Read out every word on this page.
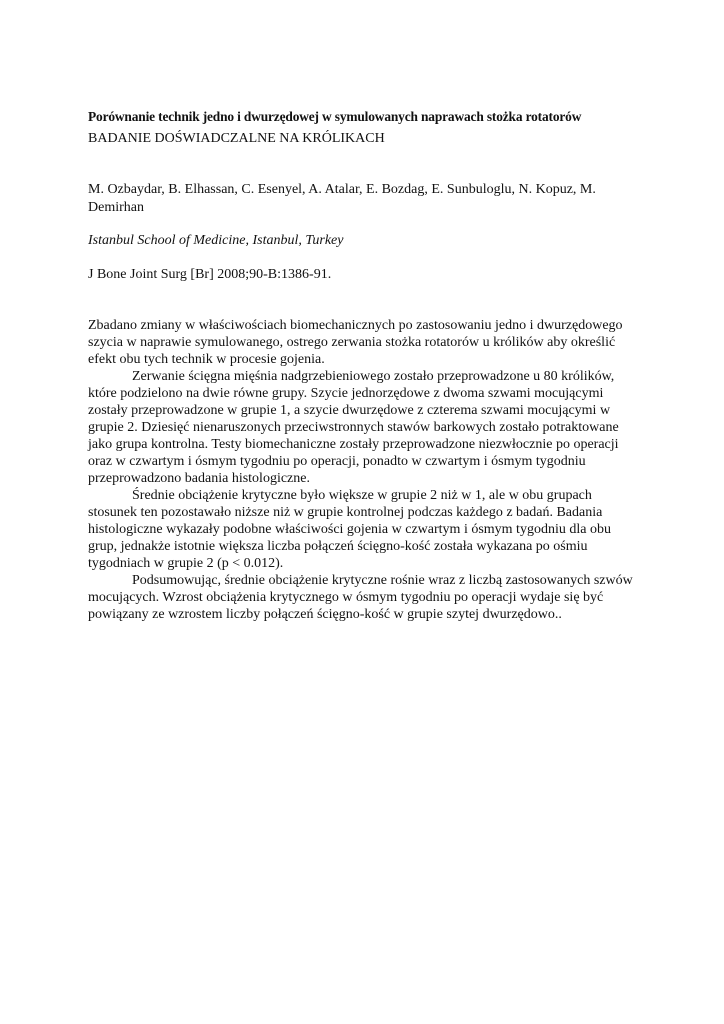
Porównanie technik jedno i dwurzędowej w symulowanych naprawach stożka rotatorów
BADANIE DOŚWIADCZALNE NA KRÓLIKACH
M. Ozbaydar, B. Elhassan, C. Esenyel, A. Atalar, E. Bozdag, E. Sunbuloglu, N. Kopuz, M. Demirhan
Istanbul School of Medicine, Istanbul, Turkey
J Bone Joint Surg [Br] 2008;90-B:1386-91.

Zbadano zmiany w właściwościach biomechanicznych po zastosowaniu jedno i dwurzędowego szycia w naprawie symulowanego, ostrego zerwania stożka rotatorów u królików aby określić efekt obu tych technik w procesie gojenia.

Zerwanie ścięgna mięśnia nadgrzebieniowego zostało przeprowadzone u 80 królików, które podzielono na dwie równe grupy. Szycie jednorzędowe z dwoma szwami mocującymi zostały przeprowadzone w grupie 1, a szycie dwurzędowe z czterema szwami mocującymi w grupie 2. Dziesięć nienaruszonych przeciwstronnych stawów barkowych zostało potraktowane jako grupa kontrolna. Testy biomechaniczne zostały przeprowadzone niezwłocznie po operacji oraz w czwartym i ósmym tygodniu po operacji, ponadto w czwartym i ósmym tygodniu przeprowadzono badania histologiczne.

Średnie obciążenie krytyczne było większe w grupie 2 niż w 1, ale w obu grupach stosunek ten pozostawało niższe niż w grupie kontrolnej podczas każdego z badań. Badania histologiczne wykazały podobne właściwości gojenia w czwartym i ósmym tygodniu dla obu grup, jednakże istotnie większa liczba połączeń ścięgno-kość została wykazana po ośmiu tygodniach w grupie 2 (p < 0.012).

Podsumowując, średnie obciążenie krytyczne rośnie wraz z liczbą zastosowanych szwów mocujących. Wzrost obciążenia krytycznego w ósmym tygodniu po operacji wydaje się być powiązany ze wzrostem liczby połączeń ścięgno-kość w grupie szytej dwurzędowo..
